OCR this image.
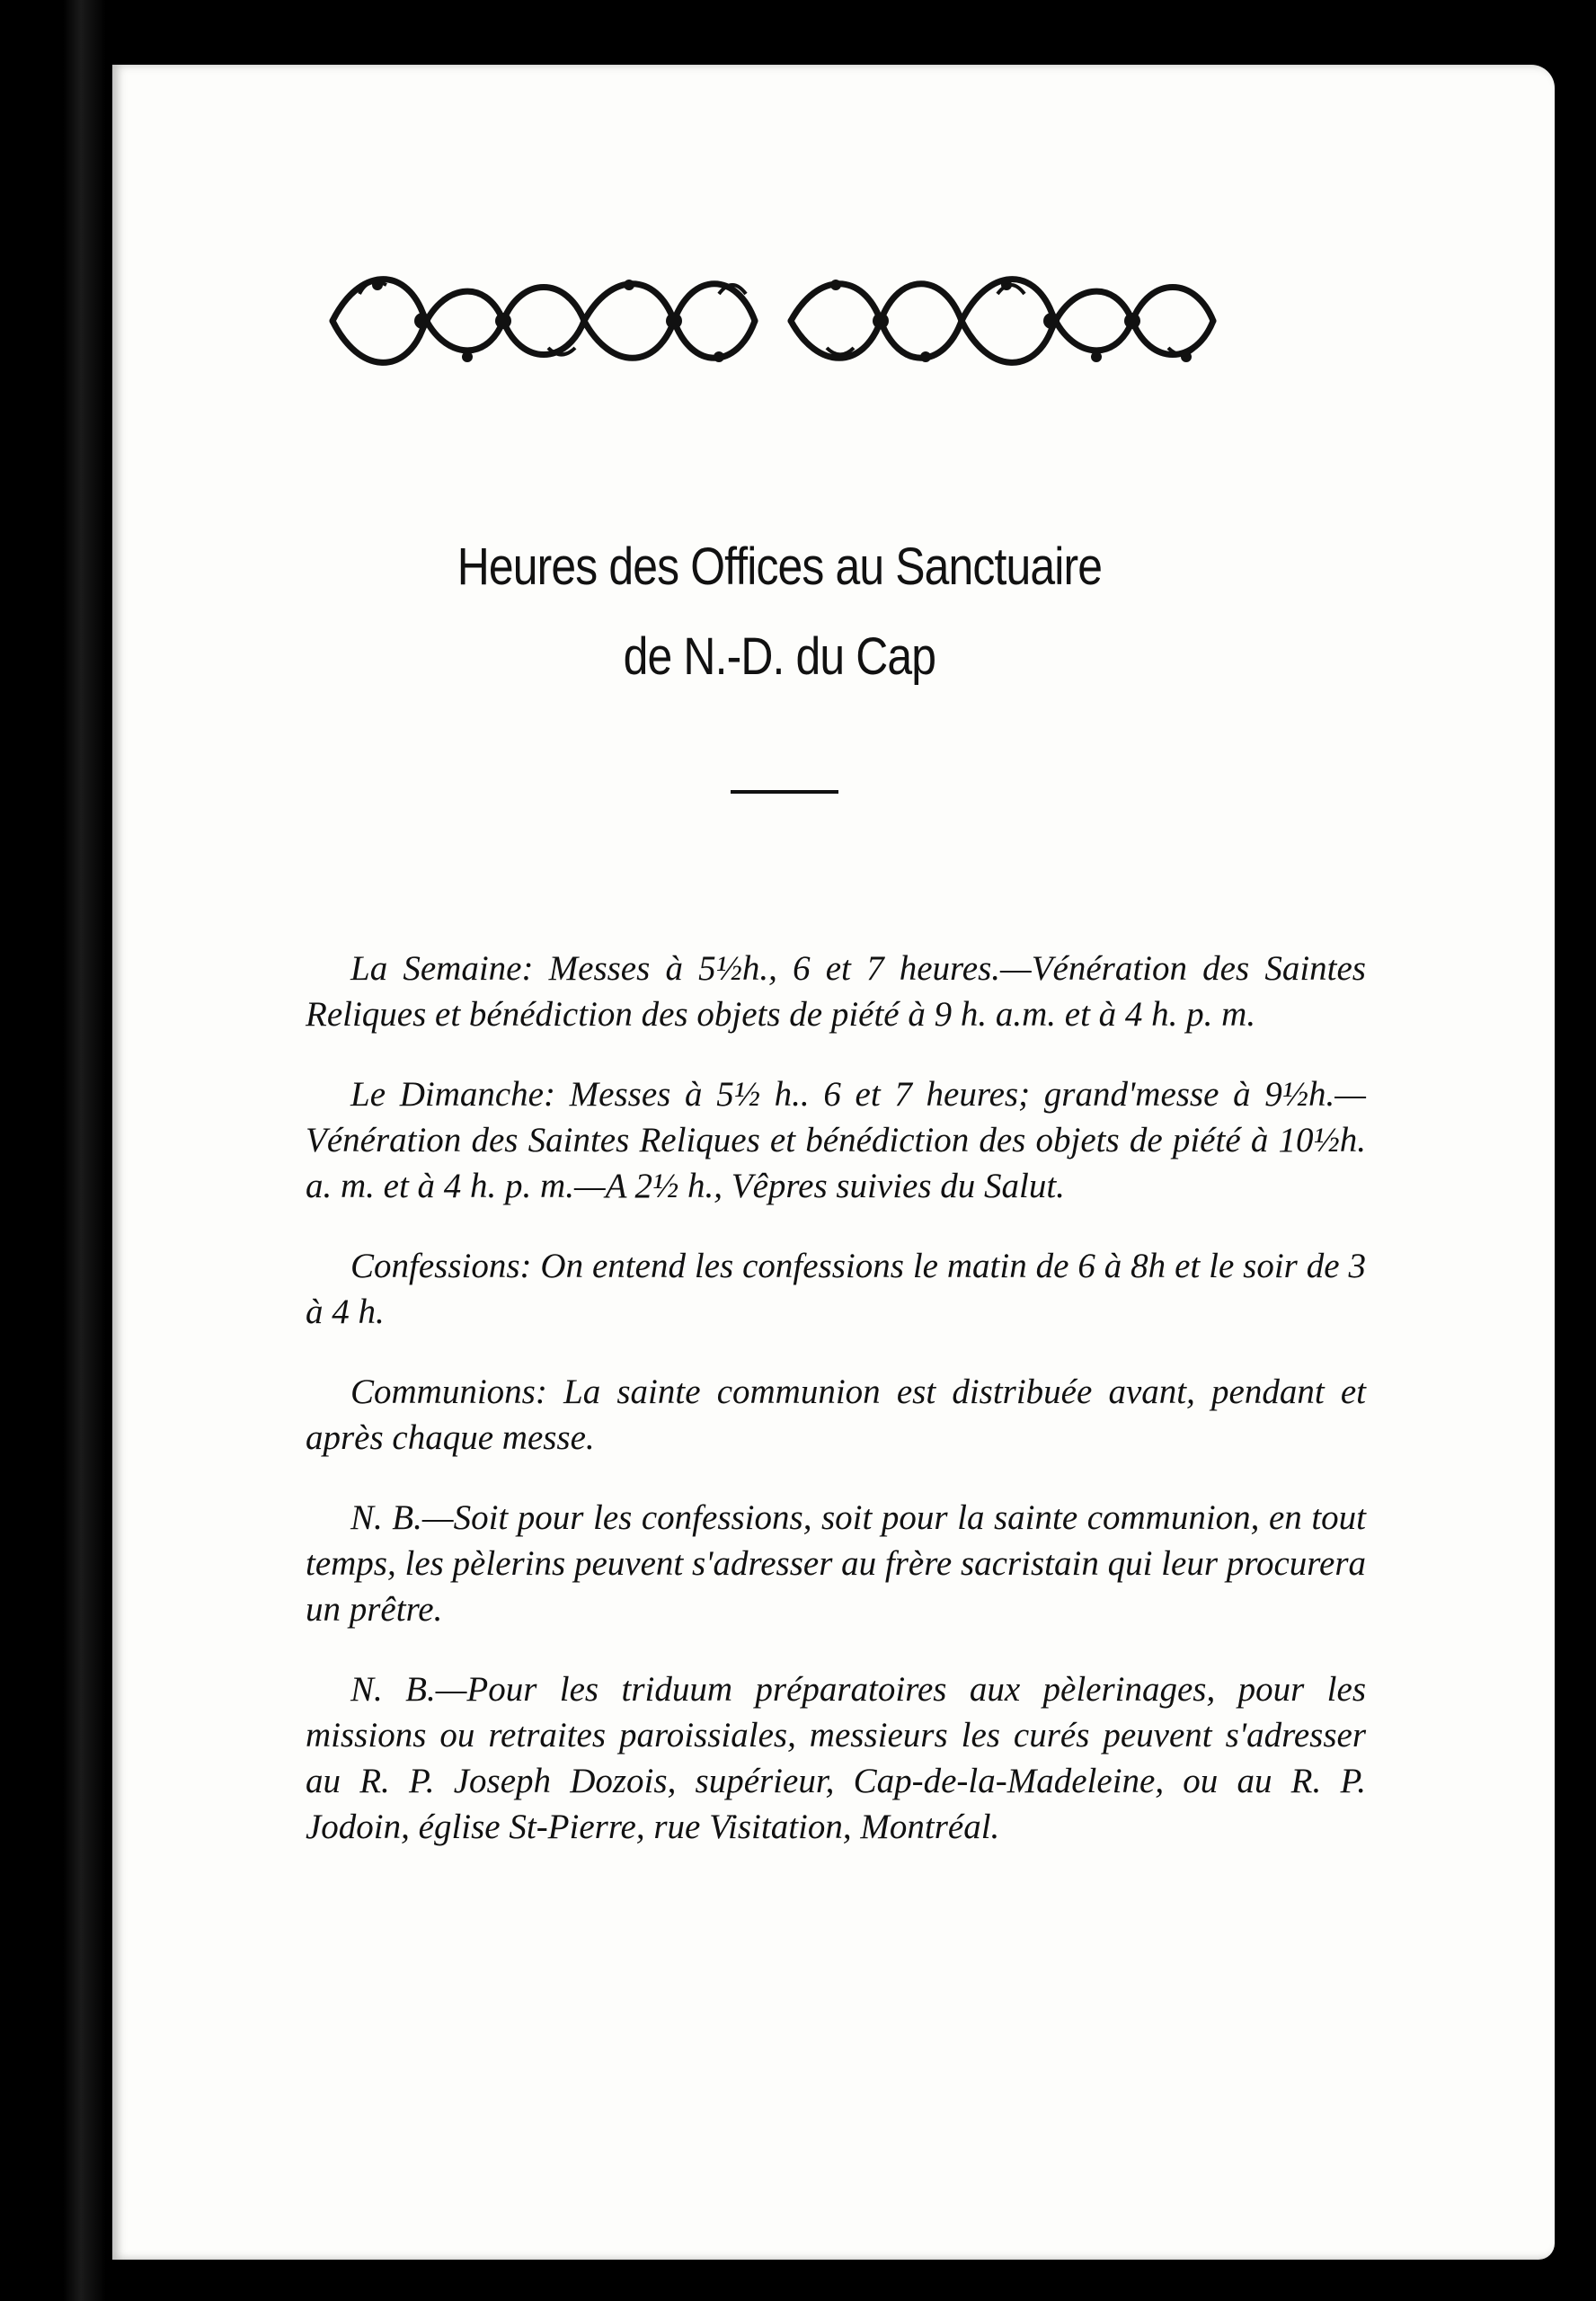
Heures des Offices au Sanctuaire
de N.-D. du Cap

La Semaine: Messes à 5½h., 6 et 7 heures.—Vénération des Saintes Reliques et bénédiction des objets de piété à 9 h. a.m. et à 4 h. p. m.

Le Dimanche: Messes à 5½ h.. 6 et 7 heures; grand'messe à 9½h.—Vénération des Saintes Reliques et bénédiction des objets de piété à 10½h. a. m. et à 4 h. p. m.—A 2½ h., Vêpres suivies du Salut.

Confessions: On entend les confessions le matin de 6 à 8h et le soir de 3 à 4 h.

Communions: La sainte communion est distribuée avant, pendant et après chaque messe.

N. B.—Soit pour les confessions, soit pour la sainte communion, en tout temps, les pèlerins peuvent s'adresser au frère sacristain qui leur procurera un prêtre.

N. B.—Pour les triduum préparatoires aux pèlerinages, pour les missions ou retraites paroissiales, messieurs les curés peuvent s'adresser au R. P. Joseph Dozois, supérieur, Cap-de-la-Madeleine, ou au R. P. Jodoin, église St-Pierre, rue Visitation, Montréal.
